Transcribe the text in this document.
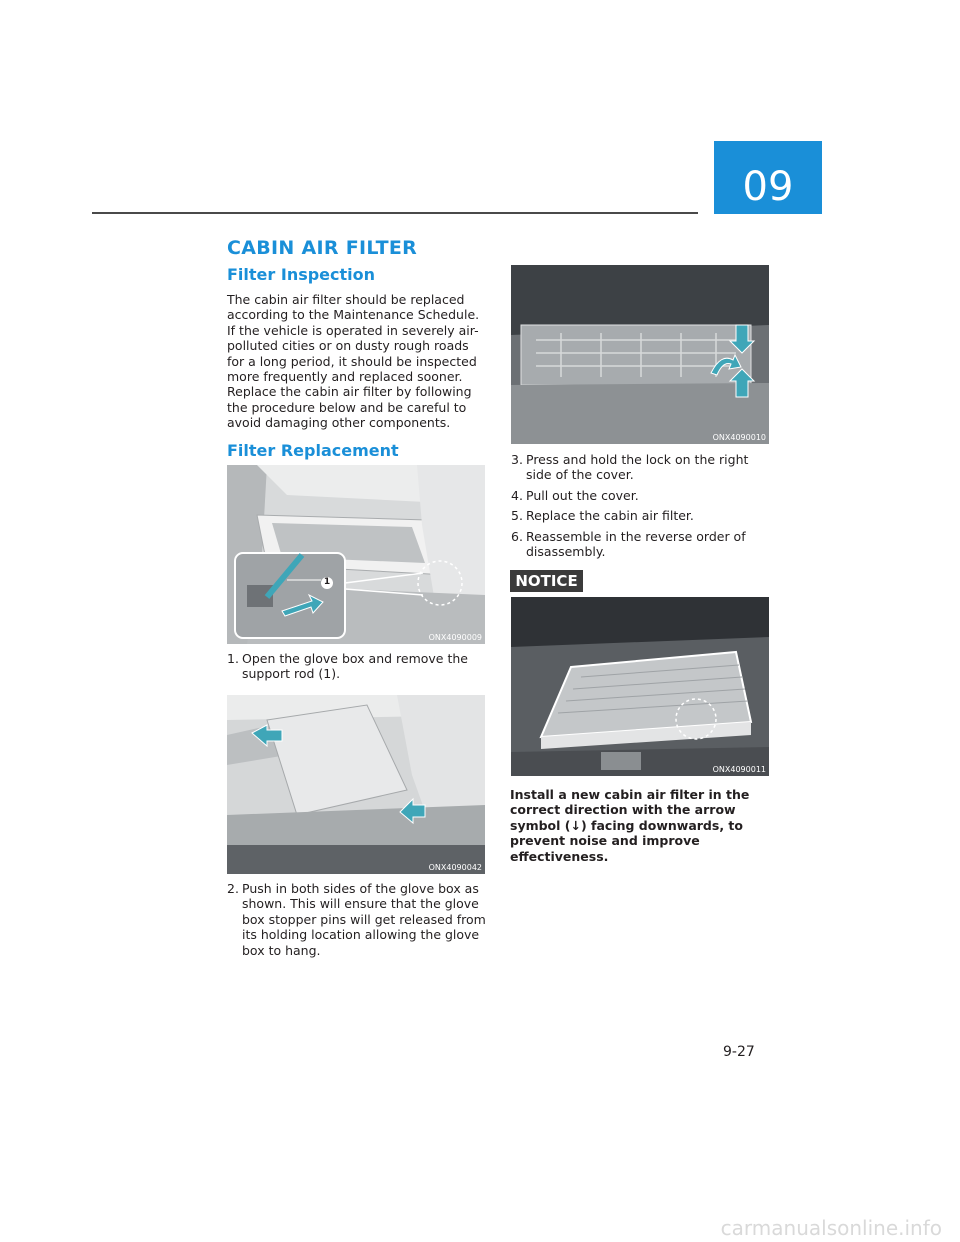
09
CABIN AIR FILTER
Filter Inspection
The cabin air filter should be replaced according to the Maintenance Schedule. If the vehicle is operated in severely air-polluted cities or on dusty rough roads for a long period, it should be inspected more frequently and replaced sooner. Replace the cabin air filter by following the procedure below and be careful to avoid damaging other components.
Filter Replacement
1
ONX4090009
1. Open the glove box and remove the support rod (1).
ONX4090042
2. Push in both sides of the glove box as shown. This will ensure that the glove box stopper pins will get released from its holding location allowing the glove box to hang.
ONX4090010
3. Press and hold the lock on the right side of the cover.
4. Pull out the cover.
5. Replace the cabin air filter.
6. Reassemble in the reverse order of disassembly.
NOTICE
ONX4090011
Install a new cabin air filter in the correct direction with the arrow symbol (↓) facing downwards, to prevent noise and improve effectiveness.
9-27
carmanualsonline.info
